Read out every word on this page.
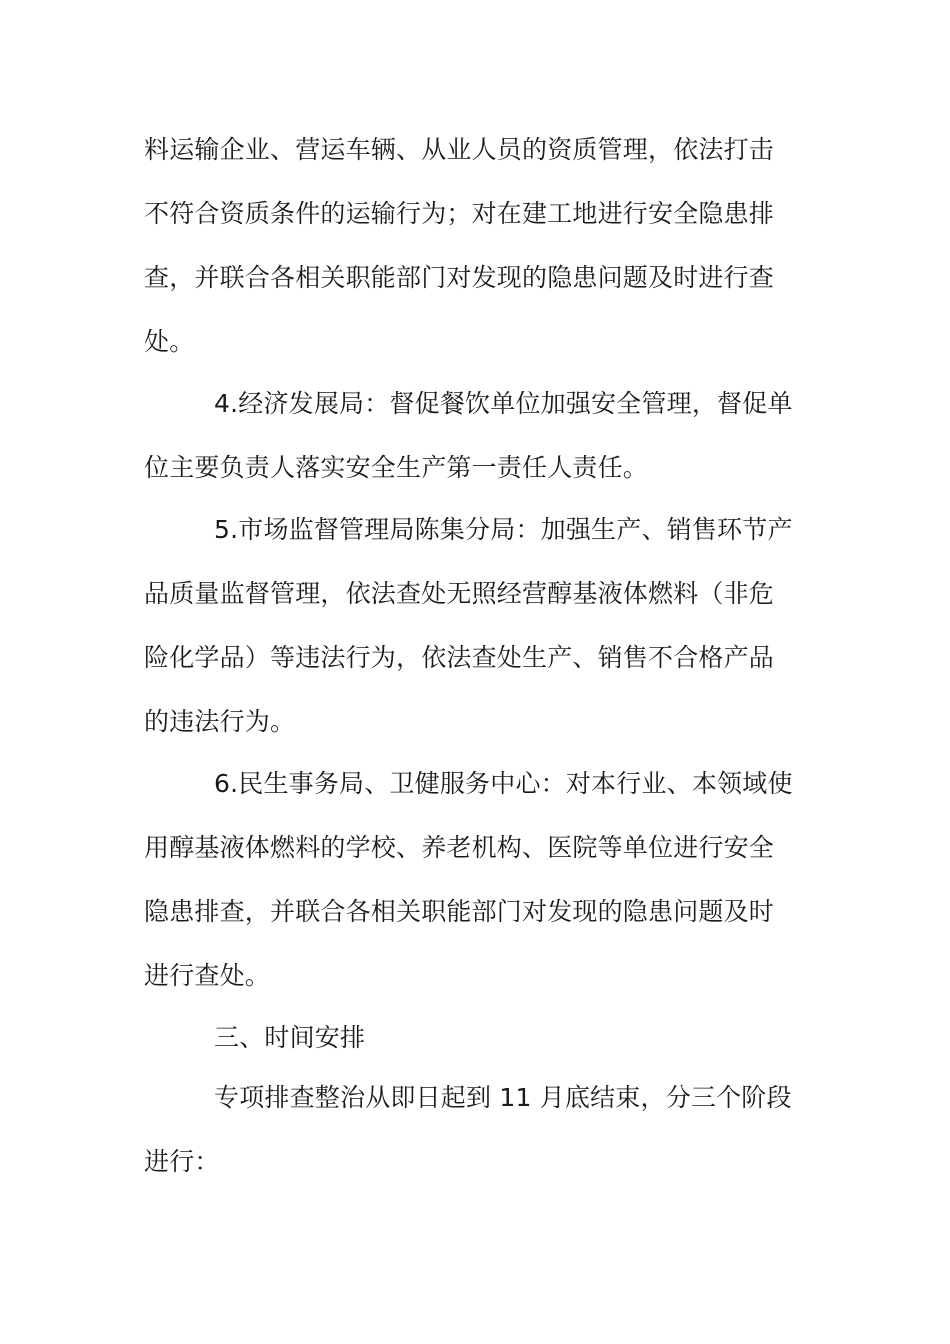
料运输企业、营运车辆、从业人员的资质管理，依法打击
不符合资质条件的运输行为；对在建工地进行安全隐患排
查，并联合各相关职能部门对发现的隐患问题及时进行查
处。
4.经济发展局：督促餐饮单位加强安全管理，督促单
位主要负责人落实安全生产第一责任人责任。
5.市场监督管理局陈集分局：加强生产、销售环节产
品质量监督管理，依法查处无照经营醇基液体燃料（非危
险化学品）等违法行为，依法查处生产、销售不合格产品
的违法行为。
6.民生事务局、卫健服务中心：对本行业、本领域使
用醇基液体燃料的学校、养老机构、医院等单位进行安全
隐患排查，并联合各相关职能部门对发现的隐患问题及时
进行查处。
三、时间安排
专项排查整治从即日起到 11 月底结束，分三个阶段
进行：
